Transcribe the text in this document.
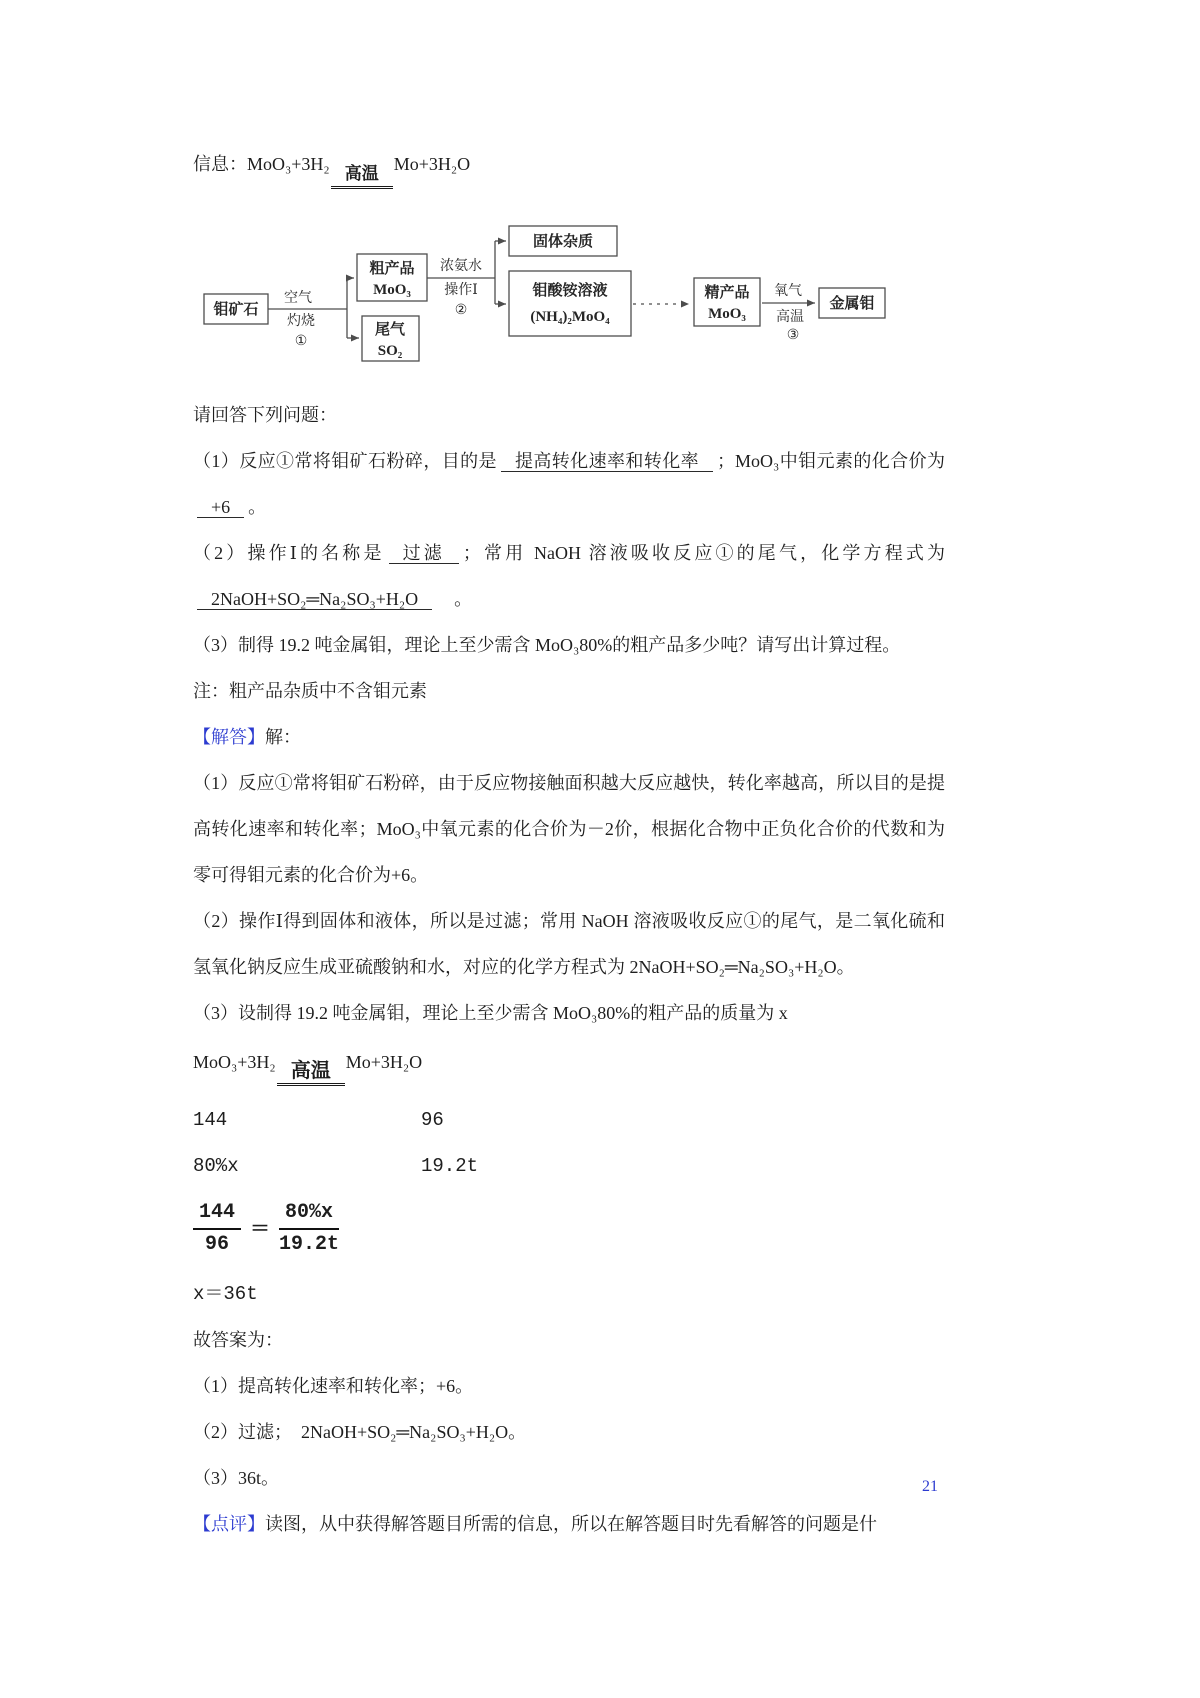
信息：MoO₃+3H₂ 高温 Mo+3H₂O

钼矿石
空气
灼烧
①
粗产品
MoO₃
尾气
SO₂
浓氨水
操作Ⅰ
②
固体杂质
钼酸铵溶液
(NH₄)₂MoO₄
精产品
MoO₃
氧气
高温
③
金属钼

请回答下列问题：

（1）反应①常将钼矿石粉碎，目的是 提高转化速率和转化率 ；MoO₃中钼元素的化合价为+6 。

（2）操作Ⅰ的名称是 过滤 ；常用 NaOH 溶液吸收反应①的尾气，化学方程式为2NaOH+SO₂═Na₂SO₃+H₂O　。

（3）制得 19.2 吨金属钼，理论上至少需含 MoO₃80%的粗产品多少吨？请写出计算过程。

注：粗产品杂质中不含钼元素

【解答】解：

（1）反应①常将钼矿石粉碎，由于反应物接触面积越大反应越快，转化率越高，所以目的是提高转化速率和转化率；MoO₃中氧元素的化合价为－2价，根据化合物中正负化合价的代数和为零可得钼元素的化合价为+6。

（2）操作Ⅰ得到固体和液体，所以是过滤；常用 NaOH 溶液吸收反应①的尾气，是二氧化硫和氢氧化钠反应生成亚硫酸钠和水，对应的化学方程式为 2NaOH+SO₂═Na₂SO₃+H₂O。

（3）设制得 19.2 吨金属钼，理论上至少需含 MoO₃80%的粗产品的质量为 x

MoO₃+3H₂ 高温 Mo+3H₂O

144	96
80%x	19.2t
$\frac{144}{96} = \frac{80\%x}{19.2t}$

x＝36t

故答案为：

（1）提高转化速率和转化率；+6。

（2）过滤；　2NaOH+SO₂═Na₂SO₃+H₂O。

（3）36t。

【点评】读图，从中获得解答题目所需的信息，所以在解答题目时先看解答的问题是什

21
